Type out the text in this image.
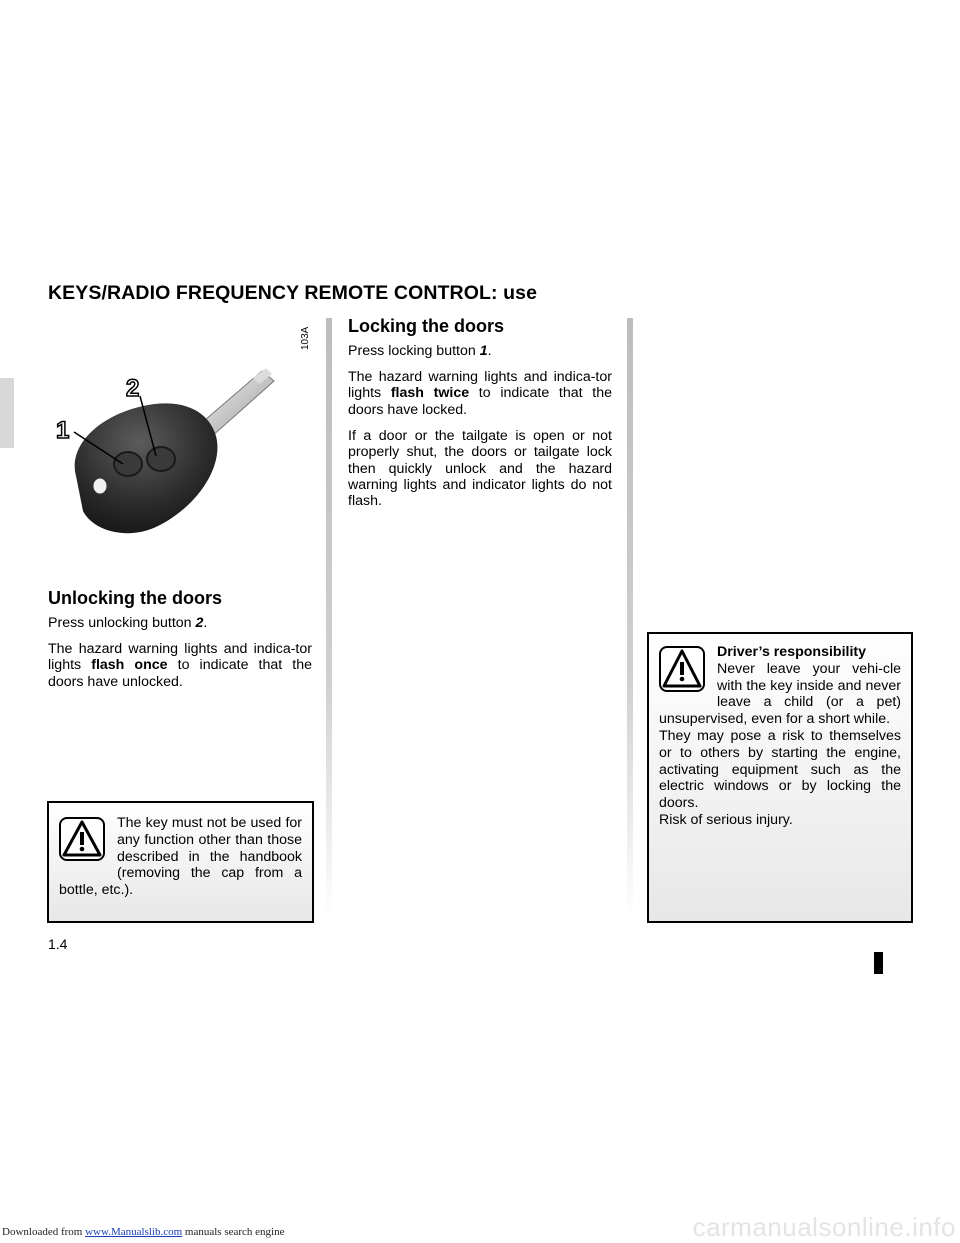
KEYS/RADIO FREQUENCY REMOTE CONTROL: use
1
2
103A
Unlocking the doors

Press unlocking button 2.

The hazard warning lights and indica-tor lights flash once to indicate that the doors have unlocked.

Locking the doors

Press locking button 1.

The hazard warning lights and indica-tor lights flash twice to indicate that the doors have locked.

If a door or the tailgate is open or not properly shut, the doors or tailgate lock then quickly unlock and the hazard warning lights and indicator lights do not flash.

The key must not be used for any function other than those described in the handbook (removing the cap from a bottle, etc.).
Driver’s responsibility
Never leave your vehi-cle with the key inside and never leave a child (or a pet) unsupervised, even for a short while.
They may pose a risk to themselves or to others by starting the engine, activating equipment such as the electric windows or by locking the doors.
Risk of serious injury.
1.4
Downloaded from www.Manualslib.com manuals search engine	carmanualsonline.info
